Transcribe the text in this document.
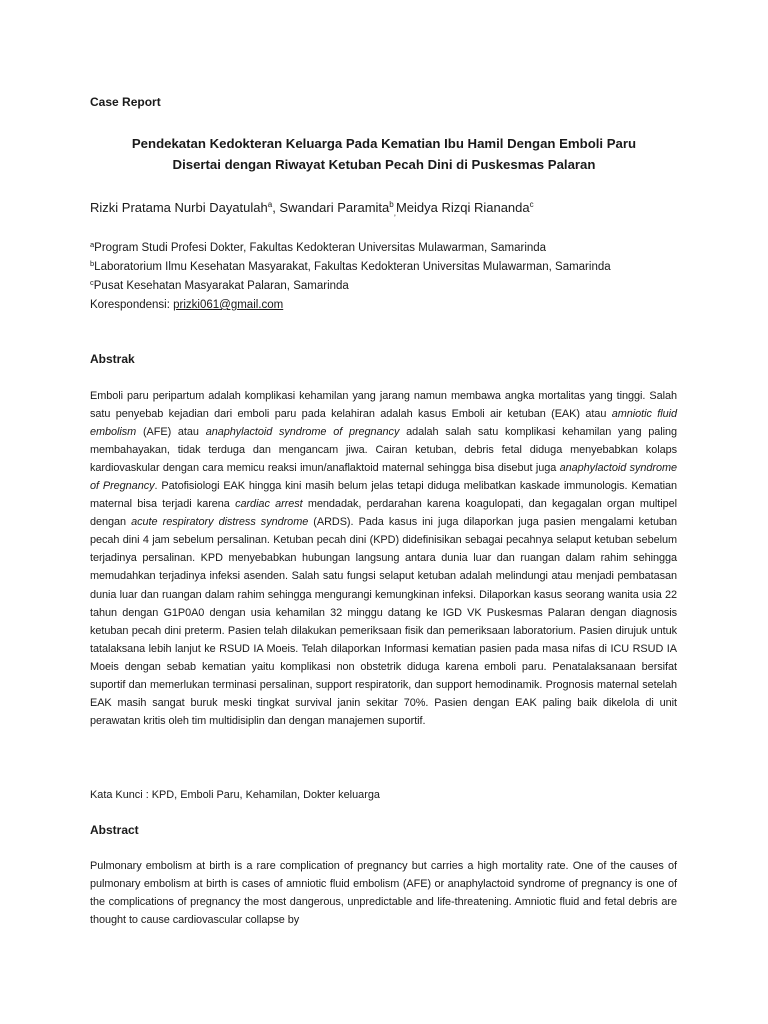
Case Report
Pendekatan Kedokteran Keluarga Pada Kematian Ibu Hamil Dengan Emboli Paru
Disertai dengan Riwayat Ketuban Pecah Dini di Puskesmas Palaran
Rizki Pratama Nurbi Dayatulah$^a$, Swandari Paramita$^b_,$Meidya Rizqi Riananda$^c$
$^a$Program Studi Profesi Dokter, Fakultas Kedokteran Universitas Mulawarman, Samarinda
$^b$Laboratorium Ilmu Kesehatan Masyarakat, Fakultas Kedokteran Universitas Mulawarman, Samarinda
$^c$Pusat Kesehatan Masyarakat Palaran, Samarinda
Korespondensi: prizki061@gmail.com
Abstrak

Emboli paru peripartum adalah komplikasi kehamilan yang jarang namun membawa angka mortalitas yang tinggi. Salah satu penyebab kejadian dari emboli paru pada kelahiran adalah kasus Emboli air ketuban (EAK) atau amniotic fluid embolism (AFE) atau anaphylactoid syndrome of pregnancy adalah salah satu komplikasi kehamilan yang paling membahayakan, tidak terduga dan mengancam jiwa. Cairan ketuban, debris fetal diduga menyebabkan kolaps kardiovaskular dengan cara memicu reaksi imun/anaflaktoid maternal sehingga bisa disebut juga anaphylactoid syndrome of Pregnancy. Patofisiologi EAK hingga kini masih belum jelas tetapi diduga melibatkan kaskade immunologis. Kematian maternal bisa terjadi karena cardiac arrest mendadak, perdarahan karena koagulopati, dan kegagalan organ multipel dengan acute respiratory distress syndrome (ARDS). Pada kasus ini juga dilaporkan juga pasien mengalami ketuban pecah dini 4 jam sebelum persalinan. Ketuban pecah dini (KPD) didefinisikan sebagai pecahnya selaput ketuban sebelum terjadinya persalinan. KPD menyebabkan hubungan langsung antara dunia luar dan ruangan dalam rahim sehingga memudahkan terjadinya infeksi asenden. Salah satu fungsi selaput ketuban adalah melindungi atau menjadi pembatasan dunia luar dan ruangan dalam rahim sehingga mengurangi kemungkinan infeksi. Dilaporkan kasus seorang wanita usia 22 tahun dengan G1P0A0 dengan usia kehamilan 32 minggu datang ke IGD VK Puskesmas Palaran dengan diagnosis ketuban pecah dini preterm. Pasien telah dilakukan pemeriksaan fisik dan pemeriksaan laboratorium. Pasien dirujuk untuk tatalaksana lebih lanjut ke RSUD IA Moeis. Telah dilaporkan Informasi kematian pasien pada masa nifas di ICU RSUD IA Moeis dengan sebab kematian yaitu komplikasi non obstetrik diduga karena emboli paru. Penatalaksanaan bersifat suportif dan memerlukan terminasi persalinan, support respiratorik, dan support hemodinamik. Prognosis maternal setelah EAK masih sangat buruk meski tingkat survival janin sekitar 70%. Pasien dengan EAK paling baik dikelola di unit perawatan kritis oleh tim multidisiplin dan dengan manajemen suportif.

Kata Kunci : KPD, Emboli Paru, Kehamilan, Dokter keluarga
Abstract

Pulmonary embolism at birth is a rare complication of pregnancy but carries a high mortality rate. One of the causes of pulmonary embolism at birth is cases of amniotic fluid embolism (AFE) or anaphylactoid syndrome of pregnancy is one of the complications of pregnancy the most dangerous, unpredictable and life-threatening. Amniotic fluid and fetal debris are thought to cause cardiovascular collapse by
